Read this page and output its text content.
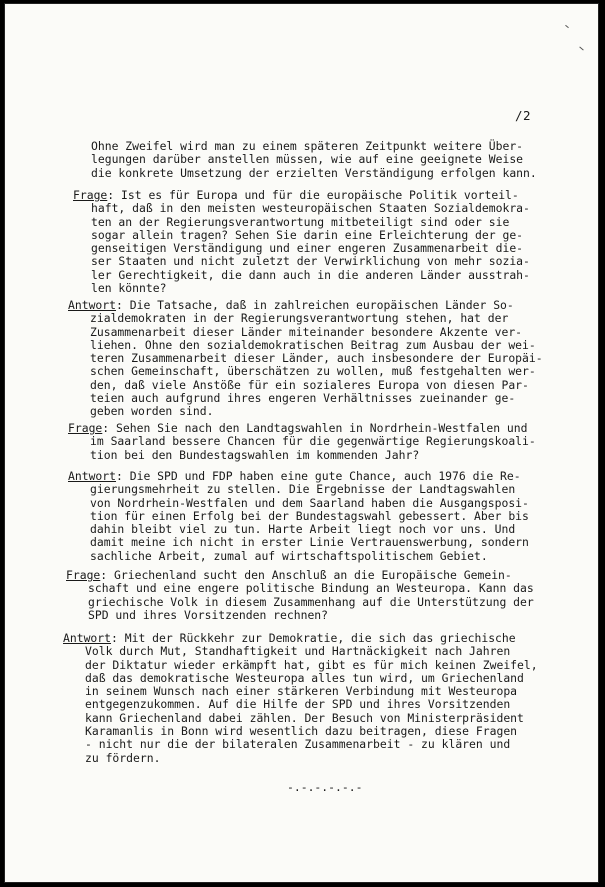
/2
Ohne Zweifel wird man zu einem späteren Zeitpunkt weitere Über-
legungen darüber anstellen müssen, wie auf eine geeignete Weise
die konkrete Umsetzung der erzielten Verständigung erfolgen kann.
Frage: Ist es für Europa und für die europäische Politik vorteil-
haft, daß in den meisten westeuropäischen Staaten Sozialdemokra-
ten an der Regierungsverantwortung mitbeteiligt sind oder sie
sogar allein tragen? Sehen Sie darin eine Erleichterung der ge-
genseitigen Verständigung und einer engeren Zusammenarbeit die-
ser Staaten und nicht zuletzt der Verwirklichung von mehr sozia-
ler Gerechtigkeit, die dann auch in die anderen Länder ausstrah-
len könnte?
Antwort: Die Tatsache, daß in zahlreichen europäischen Länder So-
zialdemokraten in der Regierungsverantwortung stehen, hat der
Zusammenarbeit dieser Länder miteinander besondere Akzente ver-
liehen. Ohne den sozialdemokratischen Beitrag zum Ausbau der wei-
teren Zusammenarbeit dieser Länder, auch insbesondere der Europäi-
schen Gemeinschaft, überschätzen zu wollen, muß festgehalten wer-
den, daß viele Anstöße für ein sozialeres Europa von diesen Par-
teien auch aufgrund ihres engeren Verhältnisses zueinander ge-
geben worden sind.
Frage: Sehen Sie nach den Landtagswahlen in Nordrhein-Westfalen und
im Saarland bessere Chancen für die gegenwärtige Regierungskoali-
tion bei den Bundestagswahlen im kommenden Jahr?
Antwort: Die SPD und FDP haben eine gute Chance, auch 1976 die Re-
gierungsmehrheit zu stellen. Die Ergebnisse der Landtagswahlen
von Nordrhein-Westfalen und dem Saarland haben die Ausgangsposi-
tion für einen Erfolg bei der Bundestagswahl gebessert. Aber bis
dahin bleibt viel zu tun. Harte Arbeit liegt noch vor uns. Und
damit meine ich nicht in erster Linie Vertrauenswerbung, sondern
sachliche Arbeit, zumal auf wirtschaftspolitischem Gebiet.
Frage: Griechenland sucht den Anschluß an die Europäische Gemein-
schaft und eine engere politische Bindung an Westeuropa. Kann das
griechische Volk in diesem Zusammenhang auf die Unterstützung der
SPD und ihres Vorsitzenden rechnen?
Antwort: Mit der Rückkehr zur Demokratie, die sich das griechische
Volk durch Mut, Standhaftigkeit und Hartnäckigkeit nach Jahren
der Diktatur wieder erkämpft hat, gibt es für mich keinen Zweifel,
daß das demokratische Westeuropa alles tun wird, um Griechenland
in seinem Wunsch nach einer stärkeren Verbindung mit Westeuropa
entgegenzukommen. Auf die Hilfe der SPD und ihres Vorsitzenden
kann Griechenland dabei zählen. Der Besuch von Ministerpräsident
Karamanlis in Bonn wird wesentlich dazu beitragen, diese Fragen
- nicht nur die der bilateralen Zusammenarbeit - zu klären und
zu fördern.
-.-.-.-.-.-
